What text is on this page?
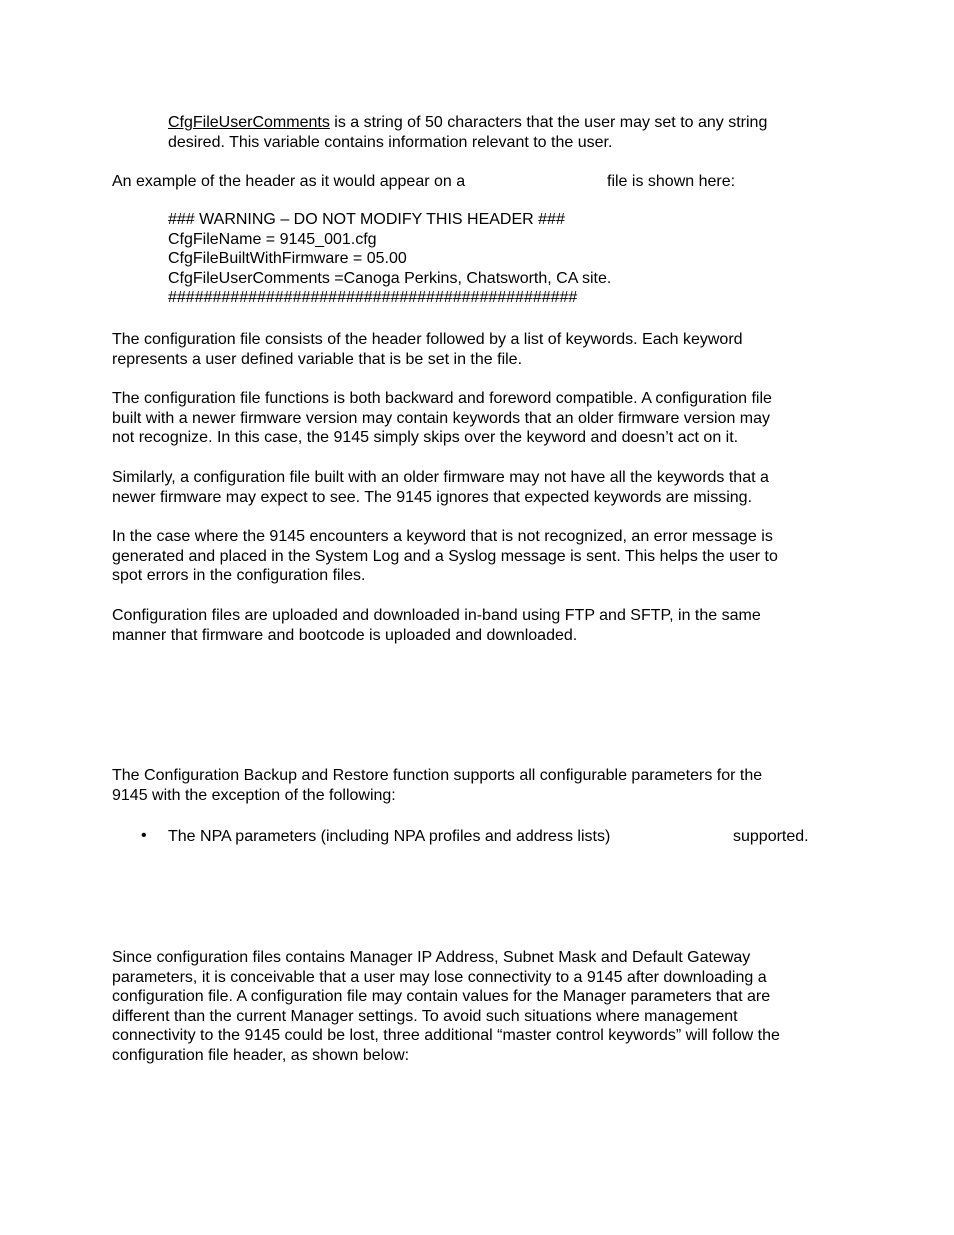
CfgFileUserComments is a string of 50 characters that the user may set to any string
desired. This variable contains information relevant to the user.
An example of the header as it would appear on a	file is shown here:
### WARNING – DO NOT MODIFY THIS HEADER ###
CfgFileName = 9145_001.cfg
CfgFileBuiltWithFirmware = 05.00
CfgFileUserComments =Canoga Perkins, Chatsworth, CA site.
##############################################
The configuration file consists of the header followed by a list of keywords. Each keyword
represents a user defined variable that is be set in the file.
The configuration file functions is both backward and foreword compatible. A configuration file
built with a newer firmware version may contain keywords that an older firmware version may
not recognize. In this case, the 9145 simply skips over the keyword and doesn’t act on it.
Similarly, a configuration file built with an older firmware may not have all the keywords that a
newer firmware may expect to see. The 9145 ignores that expected keywords are missing.
In the case where the 9145 encounters a keyword that is not recognized, an error message is
generated and placed in the System Log and a Syslog message is sent. This helps the user to
spot errors in the configuration files.
Configuration files are uploaded and downloaded in-band using FTP and SFTP, in the same
manner that firmware and bootcode is uploaded and downloaded.
The Configuration Backup and Restore function supports all configurable parameters for the
9145 with the exception of the following:
• The NPA parameters (including NPA profiles and address lists)	supported.
Since configuration files contains Manager IP Address, Subnet Mask and Default Gateway
parameters, it is conceivable that a user may lose connectivity to a 9145 after downloading a
configuration file. A configuration file may contain values for the Manager parameters that are
different than the current Manager settings. To avoid such situations where management
connectivity to the 9145 could be lost, three additional “master control keywords” will follow the
configuration file header, as shown below:
